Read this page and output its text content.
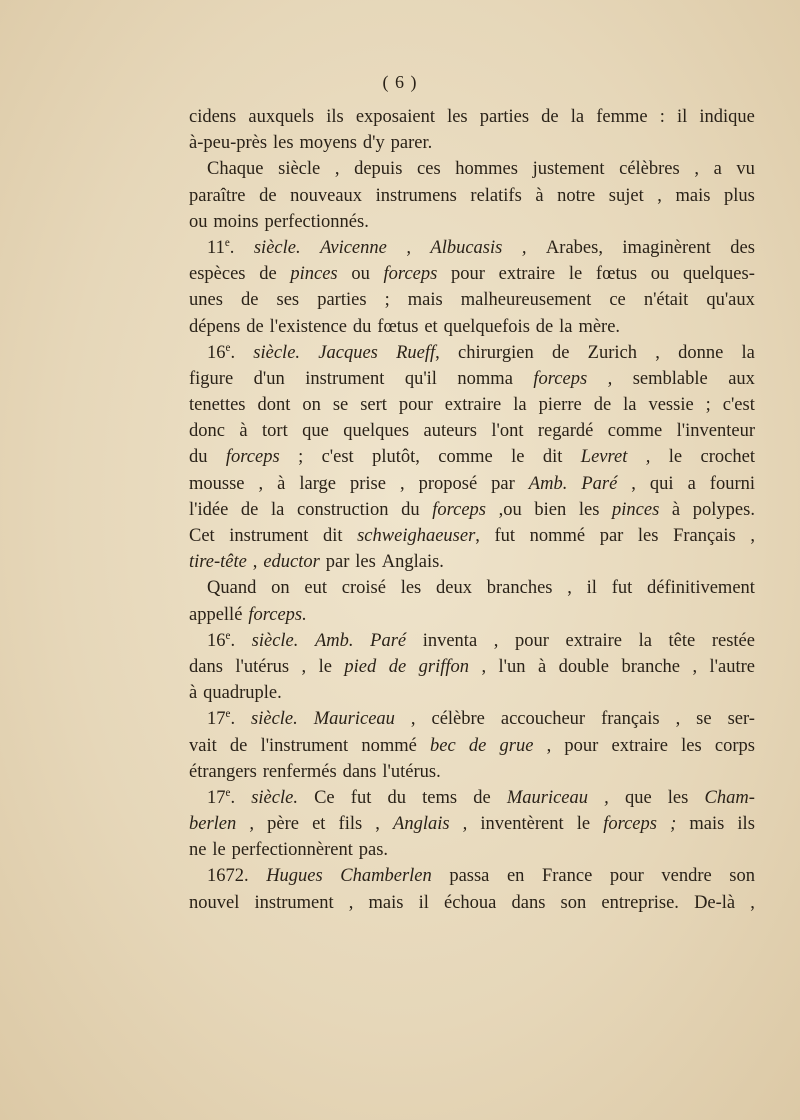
( 6 )
cidens auxquels ils exposaient les parties de la femme : il indique
à-peu-près les moyens d'y parer.
Chaque siècle , depuis ces hommes justement célèbres , a vu
paraître de nouveaux instrumens relatifs à notre sujet , mais plus
ou moins perfectionnés.
11e. siècle. Avicenne , Albucasis , Arabes, imaginèrent des
espèces de pinces ou forceps pour extraire le fœtus ou quelques-
unes de ses parties ; mais malheureusement ce n'était qu'aux
dépens de l'existence du fœtus et quelquefois de la mère.
16e. siècle. Jacques Rueff, chirurgien de Zurich , donne la
figure d'un instrument qu'il nomma forceps , semblable aux
tenettes dont on se sert pour extraire la pierre de la vessie ; c'est
donc à tort que quelques auteurs l'ont regardé comme l'inventeur
du forceps ; c'est plutôt, comme le dit Levret , le crochet
mousse , à large prise , proposé par Amb. Paré , qui a fourni
l'idée de la construction du forceps ,ou bien les pinces à polypes.
Cet instrument dit schweighaeuser, fut nommé par les Français ,
tire-tête , eductor par les Anglais.
Quand on eut croisé les deux branches , il fut définitivement
appellé forceps.
16e. siècle. Amb. Paré inventa , pour extraire la tête restée
dans l'utérus , le pied de griffon , l'un à double branche , l'autre
à quadruple.
17e. siècle. Mauriceau , célèbre accoucheur français , se ser-
vait de l'instrument nommé bec de grue , pour extraire les corps
étrangers renfermés dans l'utérus.
17e. siècle. Ce fut du tems de Mauriceau , que les Cham-
berlen , père et fils , Anglais , inventèrent le forceps ; mais ils
ne le perfectionnèrent pas.
1672. Hugues Chamberlen passa en France pour vendre son
nouvel instrument , mais il échoua dans son entreprise. De-là ,
